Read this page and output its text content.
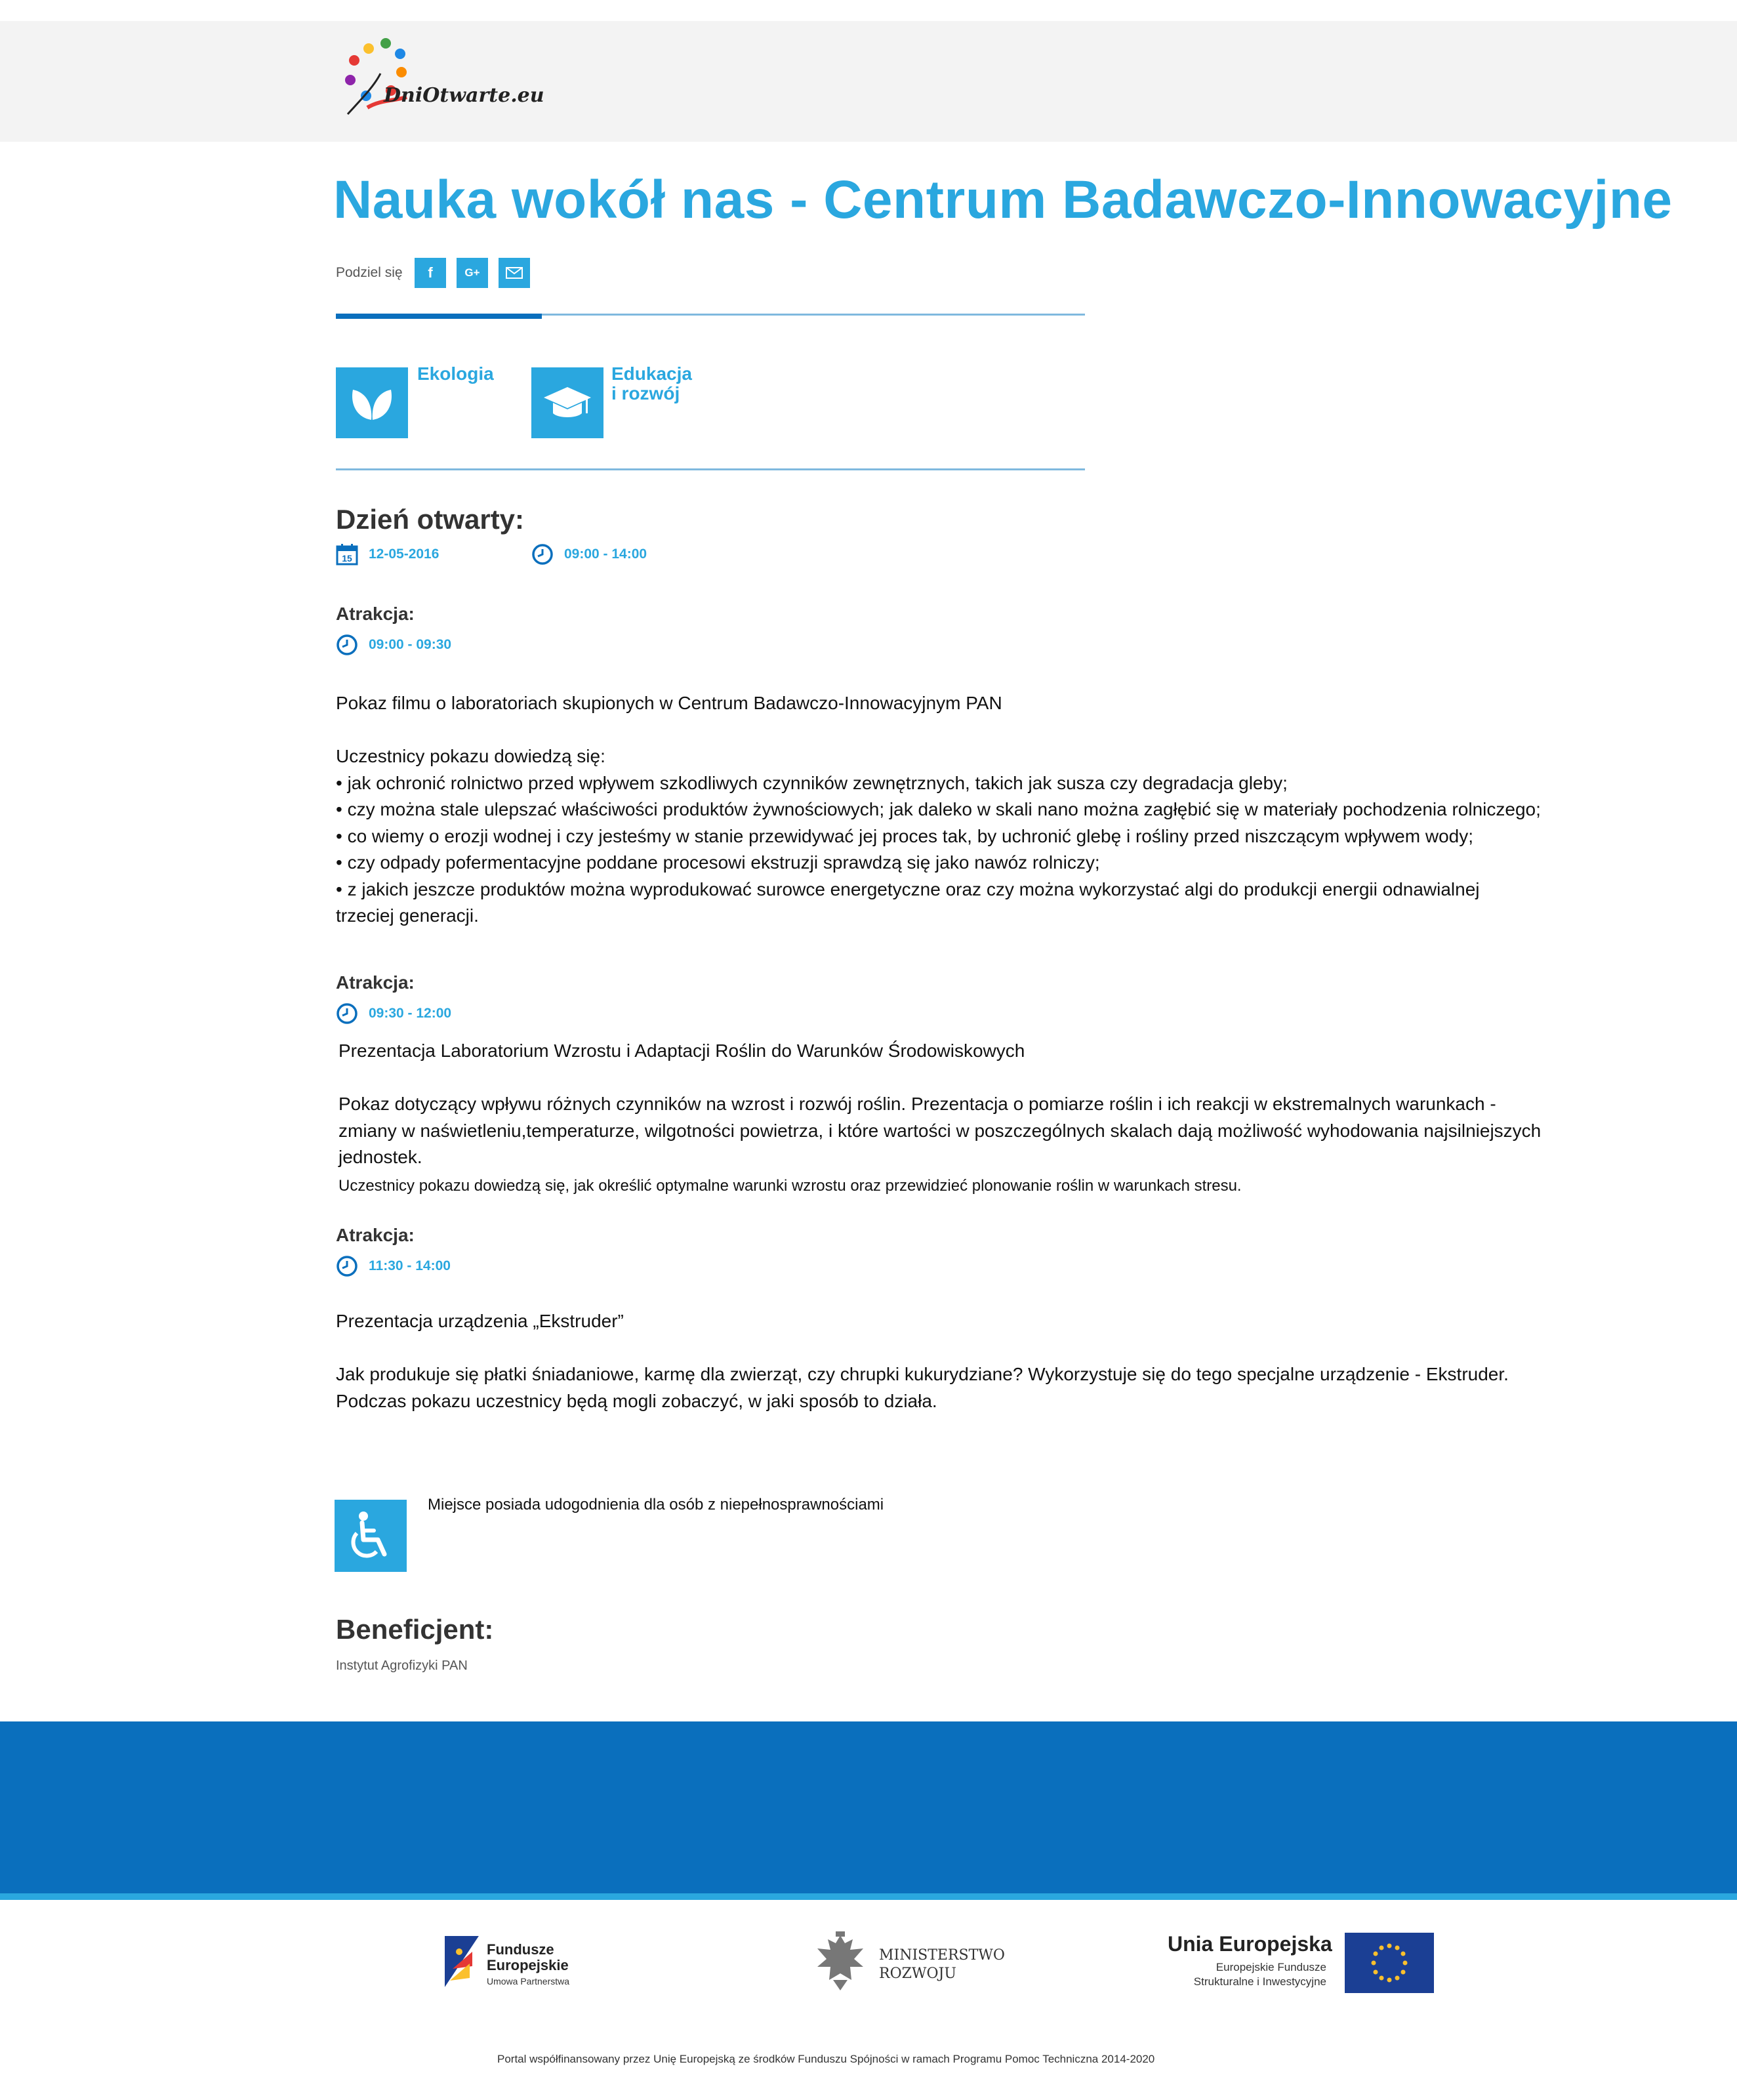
DniOtwarte.eu
Nauka wokół nas - Centrum Badawczo-Innowacyjne
Podziel się f	G+
Ekologia	Edukacja
i rozwój
Dzień otwarty:
15 12-05-2016	09:00 - 14:00
Atrakcja:
09:00 - 09:30
Pokaz filmu o laboratoriach skupionych w Centrum Badawczo-Innowacyjnym PAN
Uczestnicy pokazu dowiedzą się:
• jak ochronić rolnictwo przed wpływem szkodliwych czynników zewnętrznych, takich jak susza czy degradacja gleby;
• czy można stale ulepszać właściwości produktów żywnościowych; jak daleko w skali nano można zagłębić się w materiały pochodzenia rolniczego;
• co wiemy o erozji wodnej i czy jesteśmy w stanie przewidywać jej proces tak, by uchronić glebę i rośliny przed niszczącym wpływem wody;
• czy odpady pofermentacyjne poddane procesowi ekstruzji sprawdzą się jako nawóz rolniczy;
• z jakich jeszcze produktów można wyprodukować surowce energetyczne oraz czy można wykorzystać algi do produkcji energii odnawialnej
trzeciej generacji.
Atrakcja:
09:30 - 12:00
Prezentacja Laboratorium Wzrostu i Adaptacji Roślin do Warunków Środowiskowych
Pokaz dotyczący wpływu różnych czynników na wzrost i rozwój roślin. Prezentacja o pomiarze roślin i ich reakcji w ekstremalnych warunkach -
zmiany w naświetleniu,temperaturze, wilgotności powietrza, i które wartości w poszczególnych skalach dają możliwość wyhodowania najsilniejszych
jednostek.
Uczestnicy pokazu dowiedzą się, jak określić optymalne warunki wzrostu oraz przewidzieć plonowanie roślin w warunkach stresu.
Atrakcja:
11:30 - 14:00
Prezentacja urządzenia „Ekstruder”
Jak produkuje się płatki śniadaniowe, karmę dla zwierząt, czy chrupki kukurydziane? Wykorzystuje się do tego specjalne urządzenie - Ekstruder.
Podczas pokazu uczestnicy będą mogli zobaczyć, w jaki sposób to działa.
Miejsce posiada udogodnienia dla osób z niepełnosprawnościami
Beneficjent:
Instytut Agrofizyki PAN
Fundusze
Europejskie
Umowa Partnerstwa
MINISTERSTWO
ROZWOJU
Unia Europejska
Europejskie Fundusze
Strukturalne i Inwestycyjne
Portal współfinansowany przez Unię Europejską ze środków Funduszu Spójności w ramach Programu Pomoc Techniczna 2014-2020
